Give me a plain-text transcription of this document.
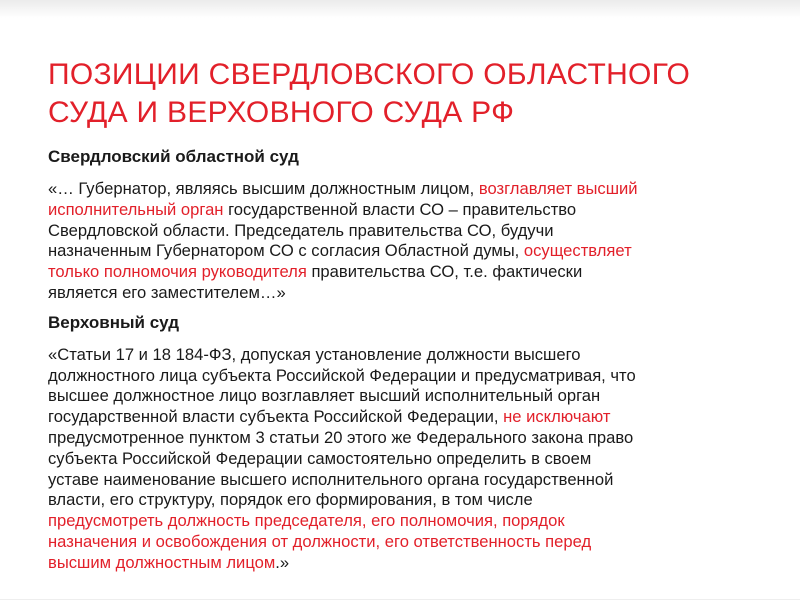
ПОЗИЦИИ СВЕРДЛОВСКОГО ОБЛАСТНОГО
СУДА И ВЕРХОВНОГО СУДА РФ
Свердловский областной суд
«… Губернатор, являясь высшим должностным лицом, возглавляет высший
исполнительный орган государственной власти СО – правительство
Свердловской области. Председатель правительства СО, будучи
назначенным Губернатором СО с согласия Областной думы, осуществляет
только полномочия руководителя правительства СО, т.е. фактически
является его заместителем…»
Верховный суд
«Статьи 17 и 18 184-ФЗ, допуская установление должности высшего
должностного лица субъекта Российской Федерации и предусматривая, что
высшее должностное лицо возглавляет высший исполнительный орган
государственной власти субъекта Российской Федерации, не исключают
предусмотренное пунктом 3 статьи 20 этого же Федерального закона право
субъекта Российской Федерации самостоятельно определить в своем
уставе наименование высшего исполнительного органа государственной
власти, его структуру, порядок его формирования, в том числе
предусмотреть должность председателя, его полномочия, порядок
назначения и освобождения от должности, его ответственность перед
высшим должностным лицом.»
